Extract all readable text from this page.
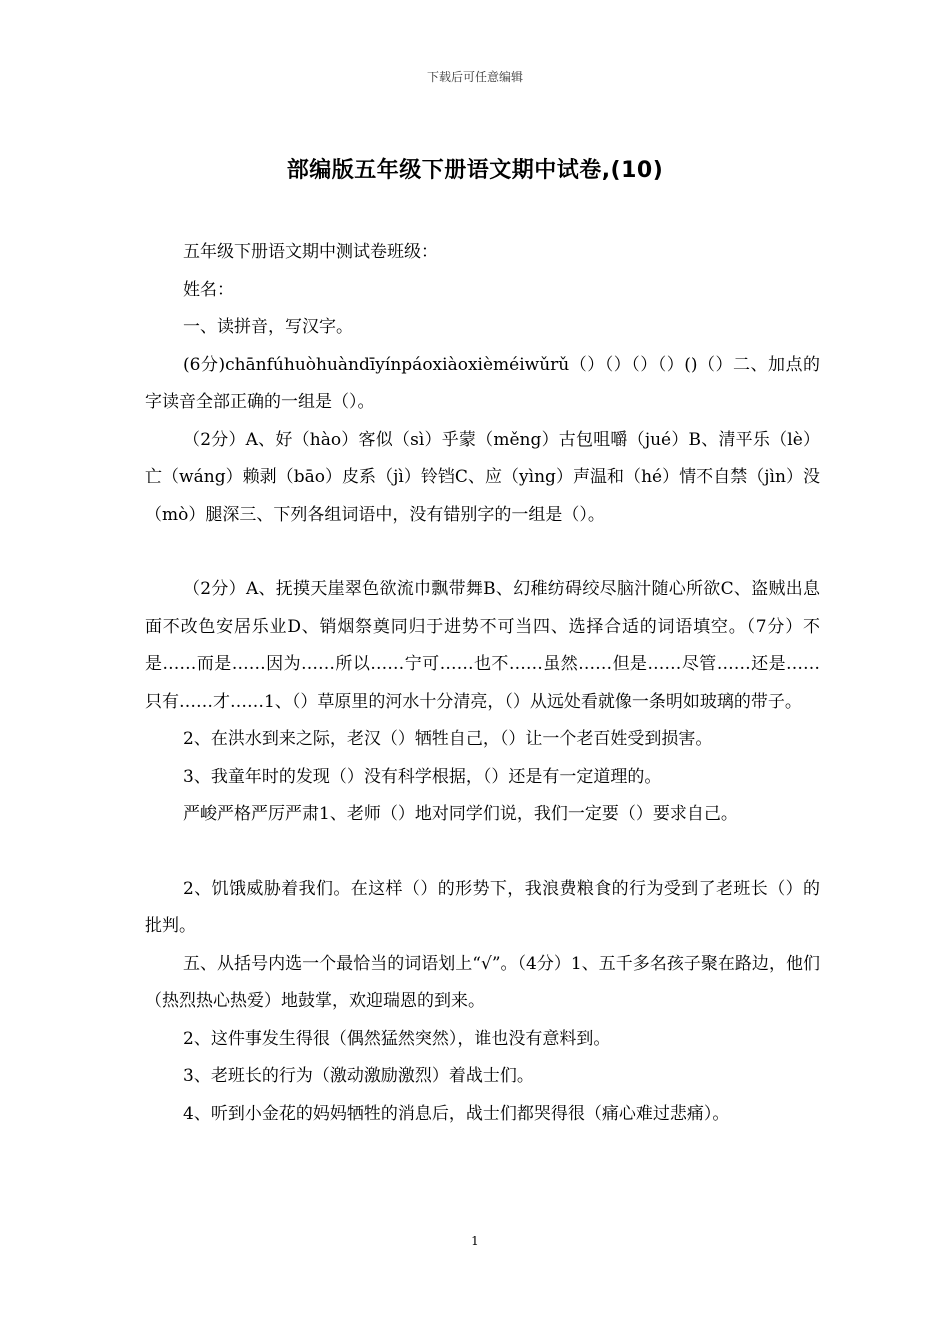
下载后可任意编辑
部编版五年级下册语文期中试卷,(10)

五年级下册语文期中测试卷班级：

姓名：

一、读拼音，写汉字。

(6分)chānfúhuòhuàndīyínpáoxiàoxièméiwǔrǔ（）（）（）（）()（）二、加点的字读音全部正确的一组是（）。

（2分）A、好（hào）客似（sì）乎蒙（měng）古包咀嚼（jué）B、清平乐（lè）亡（wáng）赖剥（bāo）皮系（jì）铃铛C、应（yìng）声温和（hé）情不自禁（jìn）没（mò）腿深三、下列各组词语中，没有错别字的一组是（）。

（2分）A、抚摸天崖翠色欲流巾飘带舞B、幻稚纺碍绞尽脑汁随心所欲C、盗贼出息面不改色安居乐业D、销烟祭奠同归于进势不可当四、选择合适的词语填空。（7分）不是……而是……因为……所以……宁可……也不……虽然……但是……尽管……还是……只有……才……1、（）草原里的河水十分清亮，（）从远处看就像一条明如玻璃的带子。

2、在洪水到来之际，老汉（）牺牲自己，（）让一个老百姓受到损害。

3、我童年时的发现（）没有科学根据，（）还是有一定道理的。

严峻严格严厉严肃1、老师（）地对同学们说，我们一定要（）要求自己。

2、饥饿威胁着我们。在这样（）的形势下，我浪费粮食的行为受到了老班长（）的批判。

五、从括号内选一个最恰当的词语划上“√”。（4分）1、五千多名孩子聚在路边，他们（热烈热心热爱）地鼓掌，欢迎瑞恩的到来。

2、这件事发生得很（偶然猛然突然），谁也没有意料到。

3、老班长的行为（激动激励激烈）着战士们。

4、听到小金花的妈妈牺牲的消息后，战士们都哭得很（痛心难过悲痛）。

1
